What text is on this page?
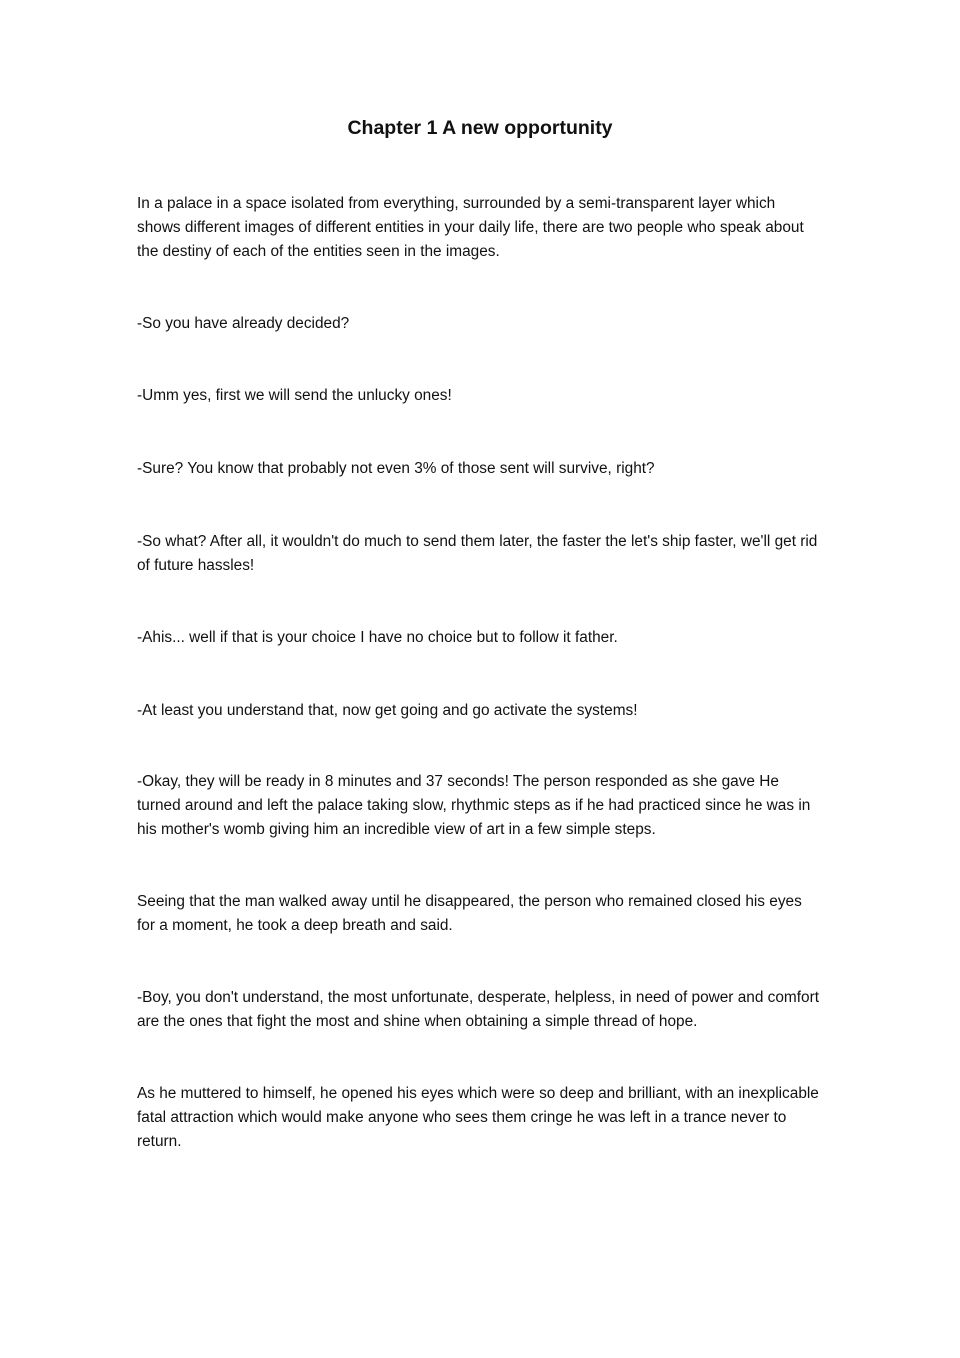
Chapter 1 A new opportunity

In a palace in a space isolated from everything, surrounded by a semi-transparent layer which shows different images of different entities in your daily life, there are two people who speak about the destiny of each of the entities seen in the images.

-So you have already decided?

-Umm yes, first we will send the unlucky ones!

-Sure? You know that probably not even 3% of those sent will survive, right?

-So what? After all, it wouldn't do much to send them later, the faster the let's ship faster, we'll get rid of future hassles!

-Ahis... well if that is your choice I have no choice but to follow it father.

-At least you understand that, now get going and go activate the systems!

-Okay, they will be ready in 8 minutes and 37 seconds! The person responded as she gave He turned around and left the palace taking slow, rhythmic steps as if he had practiced since he was in his mother's womb giving him an incredible view of art in a few simple steps.

Seeing that the man walked away until he disappeared, the person who remained closed his eyes for a moment, he took a deep breath and said.

-Boy, you don't understand, the most unfortunate, desperate, helpless, in need of power and comfort are the ones that fight the most and shine when obtaining a simple thread of hope.

As he muttered to himself, he opened his eyes which were so deep and brilliant, with an inexplicable fatal attraction which would make anyone who sees them cringe he was left in a trance never to return.
